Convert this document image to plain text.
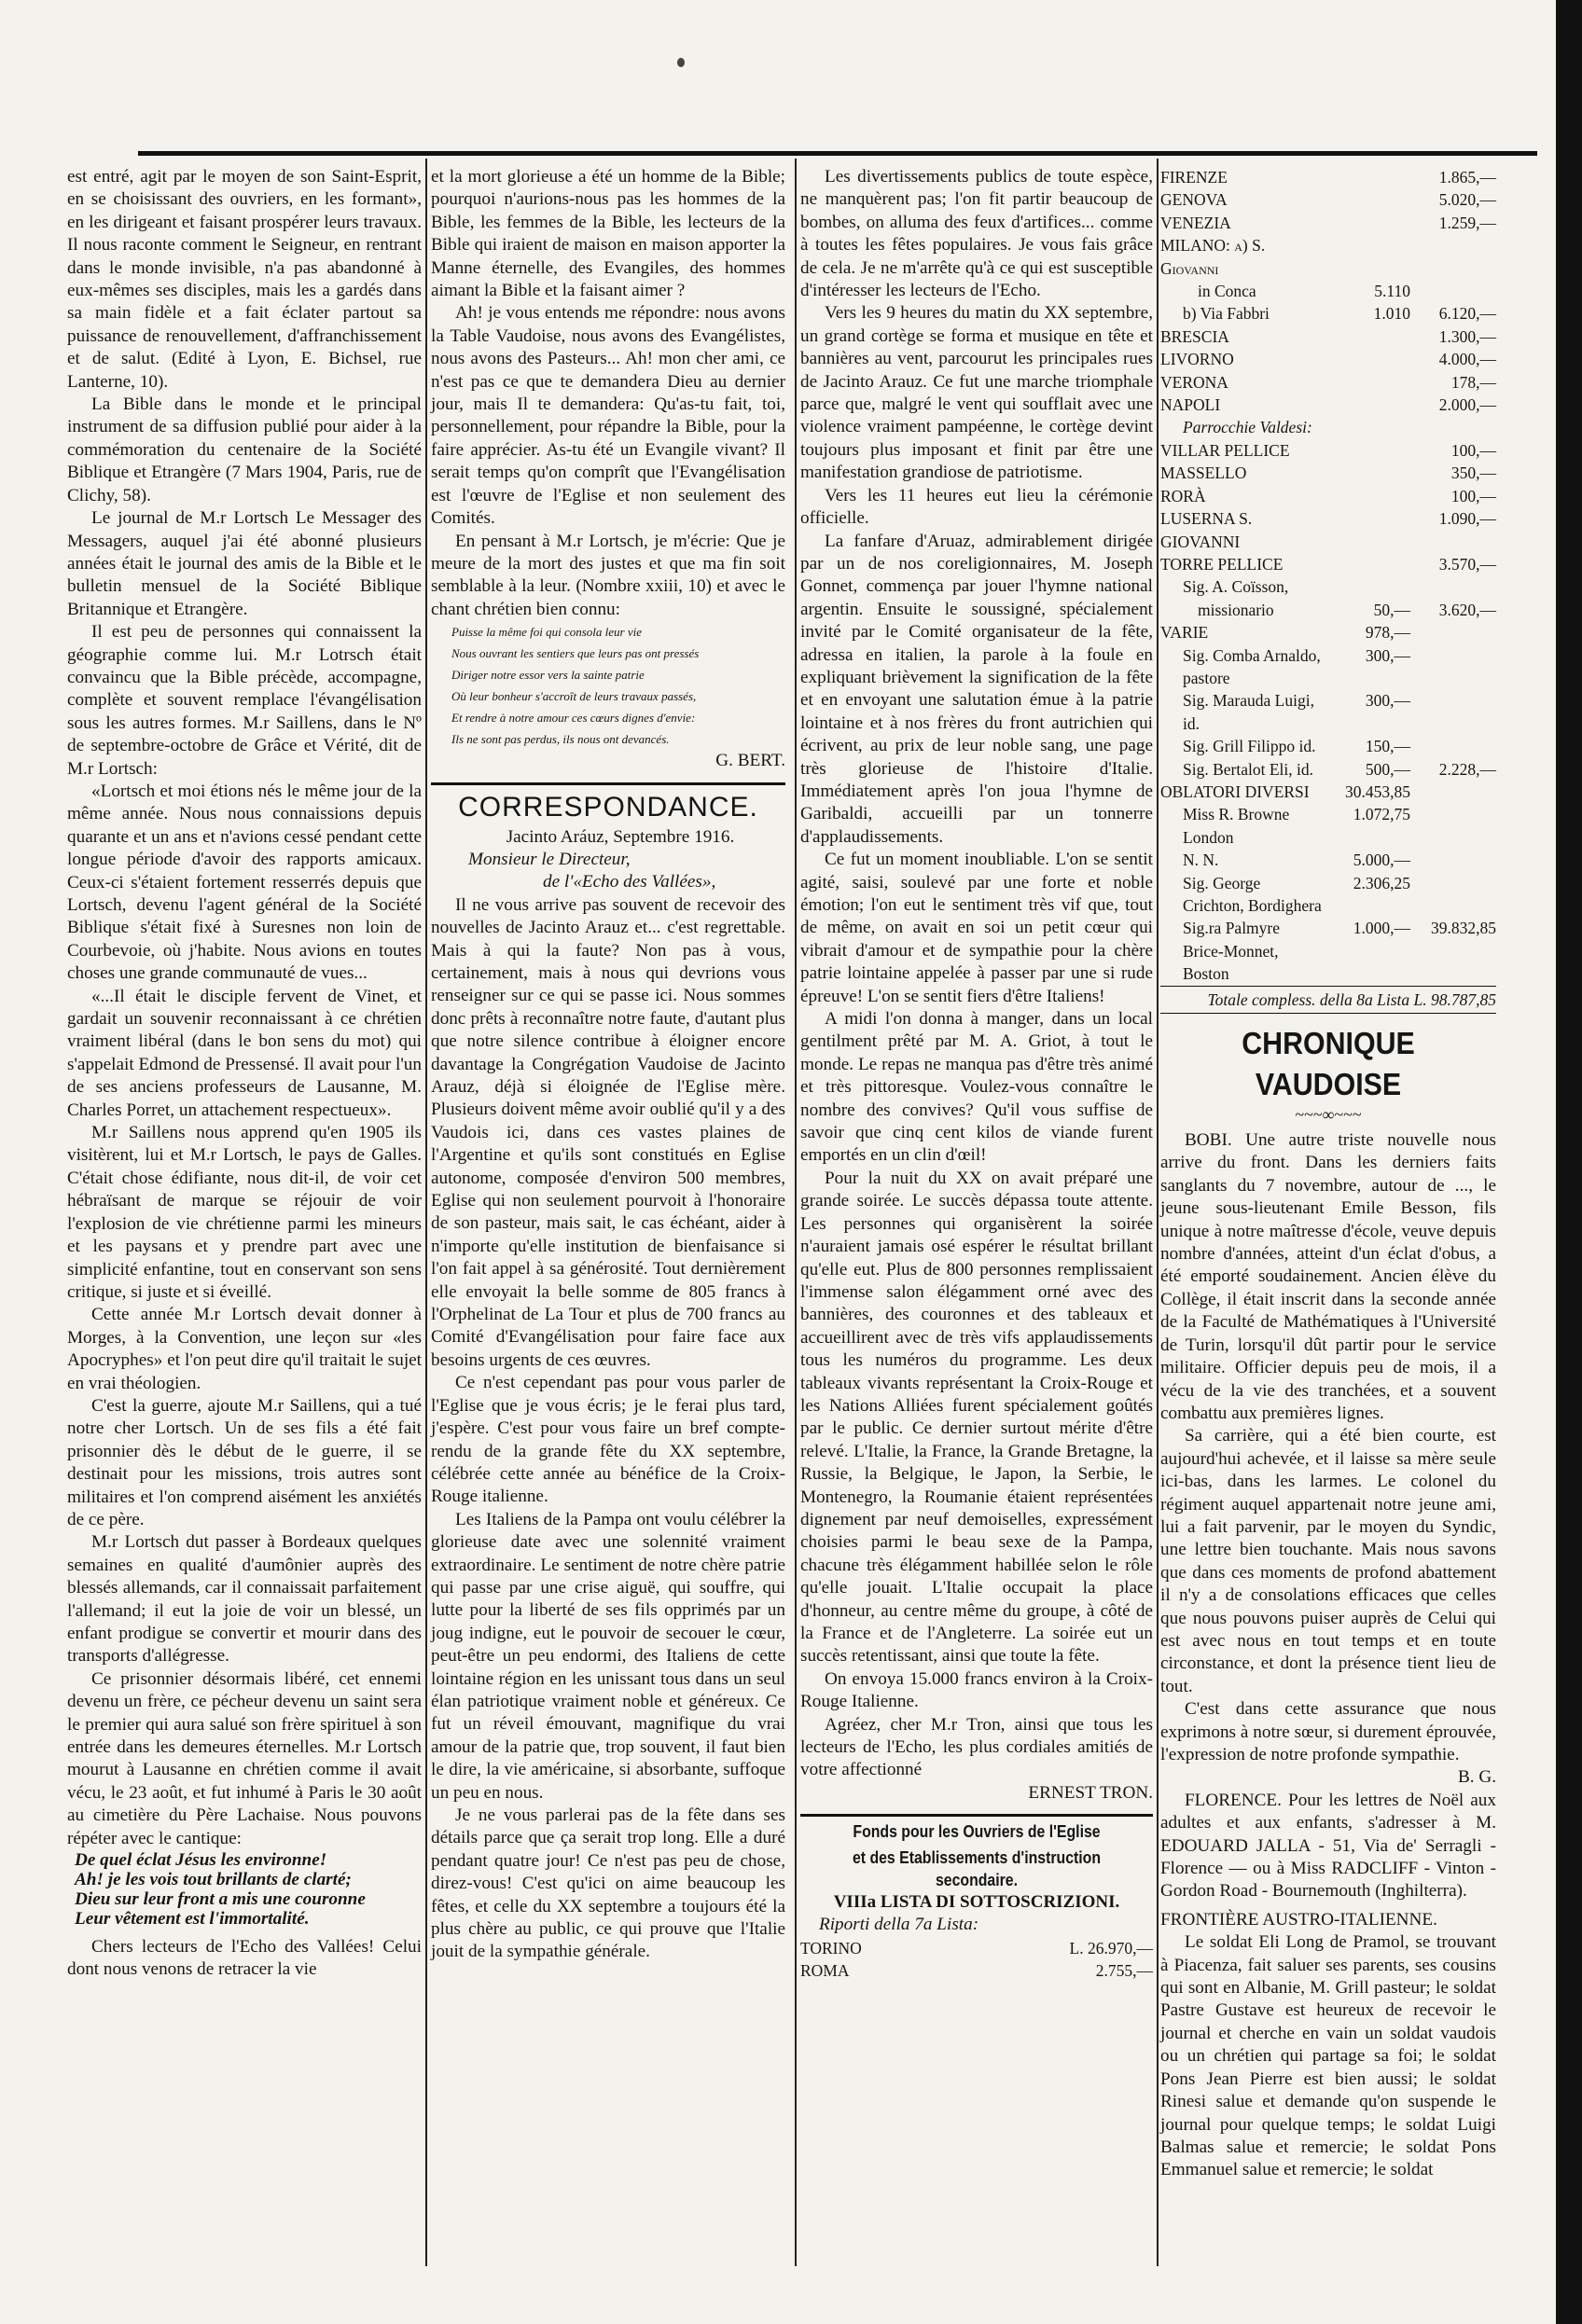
est entré, agit par le moyen de son Saint-Esprit, en se choisissant des ouvriers, en les formant», en les dirigeant et faisant prospérer leurs travaux. Il nous raconte comment le Seigneur, en rentrant dans le monde invisible, n'a pas abandonné à eux-mêmes ses disciples, mais les a gardés dans sa main fidèle et a fait éclater partout sa puissance de renouvellement, d'affranchissement et de salut. (Edité à Lyon, E. Bichsel, rue Lanterne, 10).

La Bible dans le monde et le principal instrument de sa diffusion publié pour aider à la commémoration du centenaire de la Société Biblique et Etrangère (7 Mars 1904, Paris, rue de Clichy, 58).

Le journal de M.r Lortsch Le Messager des Messagers, auquel j'ai été abonné plusieurs années était le journal des amis de la Bible et le bulletin mensuel de la Société Biblique Britannique et Etrangère.

Il est peu de personnes qui connaissent la géographie comme lui. M.r Lotrsch était convaincu que la Bible précède, accompagne, complète et souvent remplace l'évangélisation sous les autres formes. M.r Saillens, dans le Nº de septembre-octobre de Grâce et Vérité, dit de M.r Lortsch:

«Lortsch et moi étions nés le même jour de la même année. Nous nous connaissions depuis quarante et un ans et n'avions cessé pendant cette longue période d'avoir des rapports amicaux. Ceux-ci s'étaient fortement resserrés depuis que Lortsch, devenu l'agent général de la Société Biblique s'était fixé à Suresnes non loin de Courbevoie, où j'habite. Nous avions en toutes choses une grande communauté de vues...

«...Il était le disciple fervent de Vinet, et gardait un souvenir reconnaissant à ce chrétien vraiment libéral (dans le bon sens du mot) qui s'appelait Edmond de Pressensé. Il avait pour l'un de ses anciens professeurs de Lausanne, M. Charles Porret, un attachement respectueux».

M.r Saillens nous apprend qu'en 1905 ils visitèrent, lui et M.r Lortsch, le pays de Galles. C'était chose édifiante, nous dit-il, de voir cet hébraïsant de marque se réjouir de voir l'explosion de vie chrétienne parmi les mineurs et les paysans et y prendre part avec une simplicité enfantine, tout en conservant son sens critique, si juste et si éveillé.

Cette année M.r Lortsch devait donner à Morges, à la Convention, une leçon sur «les Apocryphes» et l'on peut dire qu'il traitait le sujet en vrai théologien.

C'est la guerre, ajoute M.r Saillens, qui a tué notre cher Lortsch. Un de ses fils a été fait prisonnier dès le début de le guerre, il se destinait pour les missions, trois autres sont militaires et l'on comprend aisément les anxiétés de ce père.

M.r Lortsch dut passer à Bordeaux quelques semaines en qualité d'aumônier auprès des blessés allemands, car il connaissait parfaitement l'allemand; il eut la joie de voir un blessé, un enfant prodigue se convertir et mourir dans des transports d'allégresse.

Ce prisonnier désormais libéré, cet ennemi devenu un frère, ce pécheur devenu un saint sera le premier qui aura salué son frère spirituel à son entrée dans les demeures éternelles. M.r Lortsch mourut à Lausanne en chrétien comme il avait vécu, le 23 août, et fut inhumé à Paris le 30 août au cimetière du Père Lachaise. Nous pouvons répéter avec le cantique:

De quel éclat Jésus les environne!

Ah! je les vois tout brillants de clarté;

Dieu sur leur front a mis une couronne

Leur vêtement est l'immortalité.

Chers lecteurs de l'Echo des Vallées! Celui dont nous venons de retracer la vie

et la mort glorieuse a été un homme de la Bible; pourquoi n'aurions-nous pas les hommes de la Bible, les femmes de la Bible, les lecteurs de la Bible qui iraient de maison en maison apporter la Manne éternelle, des Evangiles, des hommes aimant la Bible et la faisant aimer ?

Ah! je vous entends me répondre: nous avons la Table Vaudoise, nous avons des Evangélistes, nous avons des Pasteurs... Ah! mon cher ami, ce n'est pas ce que te demandera Dieu au dernier jour, mais Il te demandera: Qu'as-tu fait, toi, personnellement, pour répandre la Bible, pour la faire apprécier. As-tu été un Evangile vivant? Il serait temps qu'on comprît que l'Evangélisation est l'œuvre de l'Eglise et non seulement des Comités.

En pensant à M.r Lortsch, je m'écrie: Que je meure de la mort des justes et que ma fin soit semblable à la leur. (Nombre xxiii, 10) et avec le chant chrétien bien connu:

Puisse la même foi qui consola leur vie

Nous ouvrant les sentiers que leurs pas ont pressés

Diriger notre essor vers la sainte patrie

Où leur bonheur s'accroît de leurs travaux passés,

Et rendre à notre amour ces cœurs dignes d'envie:

Ils ne sont pas perdus, ils nous ont devancés.

G. BERT.

CORRESPONDANCE.

Jacinto Aráuz, Septembre 1916.

Monsieur le Directeur,

de l'«Echo des Vallées»,

Il ne vous arrive pas souvent de recevoir des nouvelles de Jacinto Arauz et... c'est regrettable. Mais à qui la faute? Non pas à vous, certainement, mais à nous qui devrions vous renseigner sur ce qui se passe ici. Nous sommes donc prêts à reconnaître notre faute, d'autant plus que notre silence contribue à éloigner encore davantage la Congrégation Vaudoise de Jacinto Arauz, déjà si éloignée de l'Eglise mère. Plusieurs doivent même avoir oublié qu'il y a des Vaudois ici, dans ces vastes plaines de l'Argentine et qu'ils sont constitués en Eglise autonome, composée d'environ 500 membres, Eglise qui non seulement pourvoit à l'honoraire de son pasteur, mais sait, le cas échéant, aider à n'importe qu'elle institution de bienfaisance si l'on fait appel à sa générosité. Tout dernièrement elle envoyait la belle somme de 805 francs à l'Orphelinat de La Tour et plus de 700 francs au Comité d'Evangélisation pour faire face aux besoins urgents de ces œuvres.

Ce n'est cependant pas pour vous parler de l'Eglise que je vous écris; je le ferai plus tard, j'espère. C'est pour vous faire un bref compte-rendu de la grande fête du XX septembre, célébrée cette année au bénéfice de la Croix-Rouge italienne.

Les Italiens de la Pampa ont voulu célébrer la glorieuse date avec une solennité vraiment extraordinaire. Le sentiment de notre chère patrie qui passe par une crise aiguë, qui souffre, qui lutte pour la liberté de ses fils opprimés par un joug indigne, eut le pouvoir de secouer le cœur, peut-être un peu endormi, des Italiens de cette lointaine région en les unissant tous dans un seul élan patriotique vraiment noble et généreux. Ce fut un réveil émouvant, magnifique du vrai amour de la patrie que, trop souvent, il faut bien le dire, la vie américaine, si absorbante, suffoque un peu en nous.

Je ne vous parlerai pas de la fête dans ses détails parce que ça serait trop long. Elle a duré pendant quatre jour! Ce n'est pas peu de chose, direz-vous! C'est qu'ici on aime beaucoup les fêtes, et celle du XX septembre a toujours été la plus chère au public, ce qui prouve que l'Italie jouit de la sympathie générale.

Les divertissements publics de toute espèce, ne manquèrent pas; l'on fit partir beaucoup de bombes, on alluma des feux d'artifices... comme à toutes les fêtes populaires. Je vous fais grâce de cela. Je ne m'arrête qu'à ce qui est susceptible d'intéresser les lecteurs de l'Echo.

Vers les 9 heures du matin du XX septembre, un grand cortège se forma et musique en tête et bannières au vent, parcourut les principales rues de Jacinto Arauz. Ce fut une marche triomphale parce que, malgré le vent qui soufflait avec une violence vraiment pampéenne, le cortège devint toujours plus imposant et finit par être une manifestation grandiose de patriotisme.

Vers les 11 heures eut lieu la cérémonie officielle.

La fanfare d'Aruaz, admirablement dirigée par un de nos coreligionnaires, M. Joseph Gonnet, commença par jouer l'hymne national argentin. Ensuite le soussigné, spécialement invité par le Comité organisateur de la fête, adressa en italien, la parole à la foule en expliquant brièvement la signification de la fête et en envoyant une salutation émue à la patrie lointaine et à nos frères du front autrichien qui écrivent, au prix de leur noble sang, une page très glorieuse de l'histoire d'Italie. Immédiatement après l'on joua l'hymne de Garibaldi, accueilli par un tonnerre d'applaudissements.

Ce fut un moment inoubliable. L'on se sentit agité, saisi, soulevé par une forte et noble émotion; l'on eut le sentiment très vif que, tout de même, on avait en soi un petit cœur qui vibrait d'amour et de sympathie pour la chère patrie lointaine appelée à passer par une si rude épreuve! L'on se sentit fiers d'être Italiens!

A midi l'on donna à manger, dans un local gentilment prêté par M. A. Griot, à tout le monde. Le repas ne manqua pas d'être très animé et très pittoresque. Voulez-vous connaître le nombre des convives? Qu'il vous suffise de savoir que cinq cent kilos de viande furent emportés en un clin d'œil!

Pour la nuit du XX on avait préparé une grande soirée. Le succès dépassa toute attente. Les personnes qui organisèrent la soirée n'auraient jamais osé espérer le résultat brillant qu'elle eut. Plus de 800 personnes remplissaient l'immense salon élégamment orné avec des bannières, des couronnes et des tableaux et accueillirent avec de très vifs applaudissements tous les numéros du programme. Les deux tableaux vivants représentant la Croix-Rouge et les Nations Alliées furent spécialement goûtés par le public. Ce dernier surtout mérite d'être relevé. L'Italie, la France, la Grande Bretagne, la Russie, la Belgique, le Japon, la Serbie, le Montenegro, la Roumanie étaient représentées dignement par neuf demoiselles, expressément choisies parmi le beau sexe de la Pampa, chacune très élégamment habillée selon le rôle qu'elle jouait. L'Italie occupait la place d'honneur, au centre même du groupe, à côté de la France et de l'Angleterre. La soirée eut un succès retentissant, ainsi que toute la fête.

On envoya 15.000 francs environ à la Croix-Rouge Italienne.

Agréez, cher M.r Tron, ainsi que tous les lecteurs de l'Echo, les plus cordiales amitiés de votre affectionné

ERNEST TRON.

Fonds pour les Ouvriers de l'Eglise
et des Etablissements d'instruction secondaire.
VIIIa LISTA DI SOTTOSCRIZIONI.

Riporti della 7a Lista:

TORINO	L. 26.970,—
ROMA	2.755,—
FIRENZE		1.865,—
GENOVA		5.020,—
VENEZIA		1.259,—
MILANO: a) S. Giovanni		
in Conca	5.110	
b) Via Fabbri	1.010	6.120,—
BRESCIA		1.300,—
LIVORNO		4.000,—
VERONA		178,—
NAPOLI		2.000,—
Parrocchie Valdesi:		
VILLAR PELLICE		100,—
MASSELLO		350,—
RORÀ		100,—
LUSERNA S. GIOVANNI		1.090,—
TORRE PELLICE		3.570,—
Sig. A. Coïsson,		
missionario	50,—	3.620,—
VARIE	978,—	
Sig. Comba Arnaldo, pastore	300,—	
Sig. Marauda Luigi, id.	300,—	
Sig. Grill Filippo id.	150,—	
Sig. Bertalot Eli, id.	500,—	2.228,—
OBLATORI DIVERSI	30.453,85	
Miss R. Browne London	1.072,75	
N. N.	5.000,—	
Sig. George Crichton, Bordighera	2.306,25	
Sig.ra Palmyre Brice-Monnet, Boston	1.000,—	39.832,85
Totale compless. della 8a Lista L. 98.787,85
CHRONIQUE VAUDOISE
~~~∞~~~

BOBI. Une autre triste nouvelle nous arrive du front. Dans les derniers faits sanglants du 7 novembre, autour de ..., le jeune sous-lieutenant Emile Besson, fils unique à notre maîtresse d'école, veuve depuis nombre d'années, atteint d'un éclat d'obus, a été emporté soudainement. Ancien élève du Collège, il était inscrit dans la seconde année de la Faculté de Mathématiques à l'Université de Turin, lorsqu'il dût partir pour le service militaire. Officier depuis peu de mois, il a vécu de la vie des tranchées, et a souvent combattu aux premières lignes.

Sa carrière, qui a été bien courte, est aujourd'hui achevée, et il laisse sa mère seule ici-bas, dans les larmes. Le colonel du régiment auquel appartenait notre jeune ami, lui a fait parvenir, par le moyen du Syndic, une lettre bien touchante. Mais nous savons que dans ces moments de profond abattement il n'y a de consolations efficaces que celles que nous pouvons puiser auprès de Celui qui est avec nous en tout temps et en toute circonstance, et dont la présence tient lieu de tout.

C'est dans cette assurance que nous exprimons à notre sœur, si durement éprouvée, l'expression de notre profonde sympathie.

B. G.

FLORENCE. Pour les lettres de Noël aux adultes et aux enfants, s'adresser à M. EDOUARD JALLA - 51, Via de' Serragli - Florence — ou à Miss RADCLIFF - Vinton - Gordon Road - Bournemouth (Inghilterra).

FRONTIÈRE AUSTRO-ITALIENNE.

Le soldat Eli Long de Pramol, se trouvant à Piacenza, fait saluer ses parents, ses cousins qui sont en Albanie, M. Grill pasteur; le soldat Pastre Gustave est heureux de recevoir le journal et cherche en vain un soldat vaudois ou un chrétien qui partage sa foi; le soldat Pons Jean Pierre est bien aussi; le soldat Rinesi salue et demande qu'on suspende le journal pour quelque temps; le soldat Luigi Balmas salue et remercie; le soldat Pons Emmanuel salue et remercie; le soldat
